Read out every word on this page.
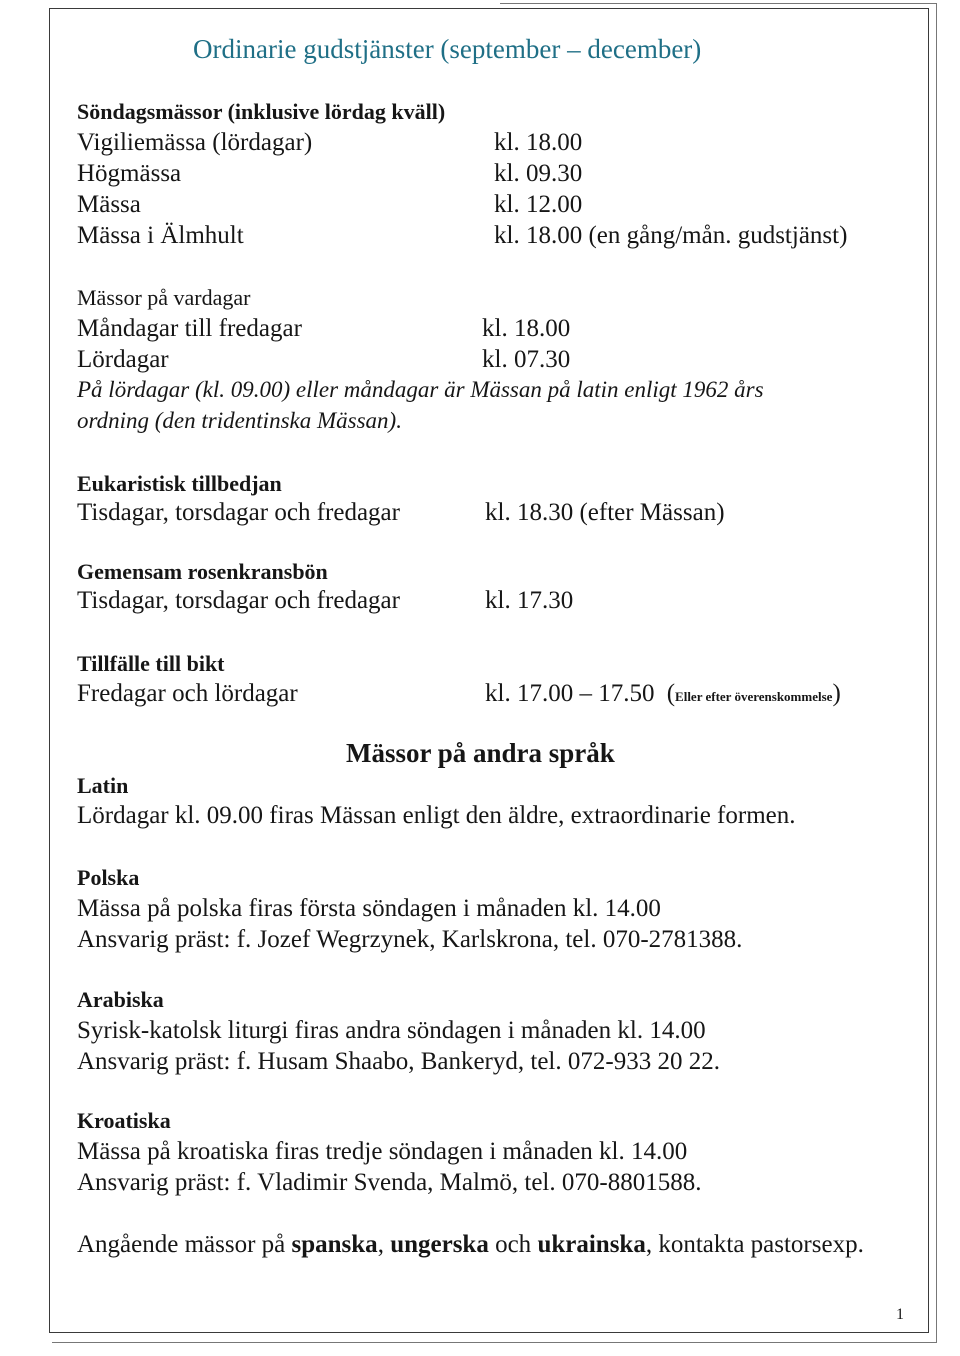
Ordinarie gudstjänster (september – december)
Söndagsmässor (inklusive lördag kväll)
Vigiliemässa (lördagar)	kl. 18.00
Högmässa	kl. 09.30
Mässa	kl. 12.00
Mässa i Älmhult	kl. 18.00 (en gång/mån. gudstjänst)
Mässor på vardagar
Måndagar till fredagar	kl. 18.00
Lördagar	kl. 07.30
På lördagar (kl. 09.00) eller måndagar är Mässan på latin enligt 1962 års
ordning (den tridentinska Mässan).
Eukaristisk tillbedjan
Tisdagar, torsdagar och fredagar	kl. 18.30 (efter Mässan)
Gemensam rosenkransbön
Tisdagar, torsdagar och fredagar	kl. 17.30
Tillfälle till bikt
Fredagar och lördagar	kl. 17.00 – 17.50 (Eller efter överenskommelse)
Mässor på andra språk
Latin
Lördagar kl. 09.00 firas Mässan enligt den äldre, extraordinarie formen.
Polska
Mässa på polska firas första söndagen i månaden kl. 14.00
Ansvarig präst: f. Jozef Wegrzynek, Karlskrona, tel. 070-2781388.
Arabiska
Syrisk-katolsk liturgi firas andra söndagen i månaden kl. 14.00
Ansvarig präst: f. Husam Shaabo, Bankeryd, tel. 072-933 20 22.
Kroatiska
Mässa på kroatiska firas tredje söndagen i månaden kl. 14.00
Ansvarig präst: f. Vladimir Svenda, Malmö, tel. 070-8801588.
Angående mässor på spanska, ungerska och ukrainska, kontakta pastorsexp.
1
